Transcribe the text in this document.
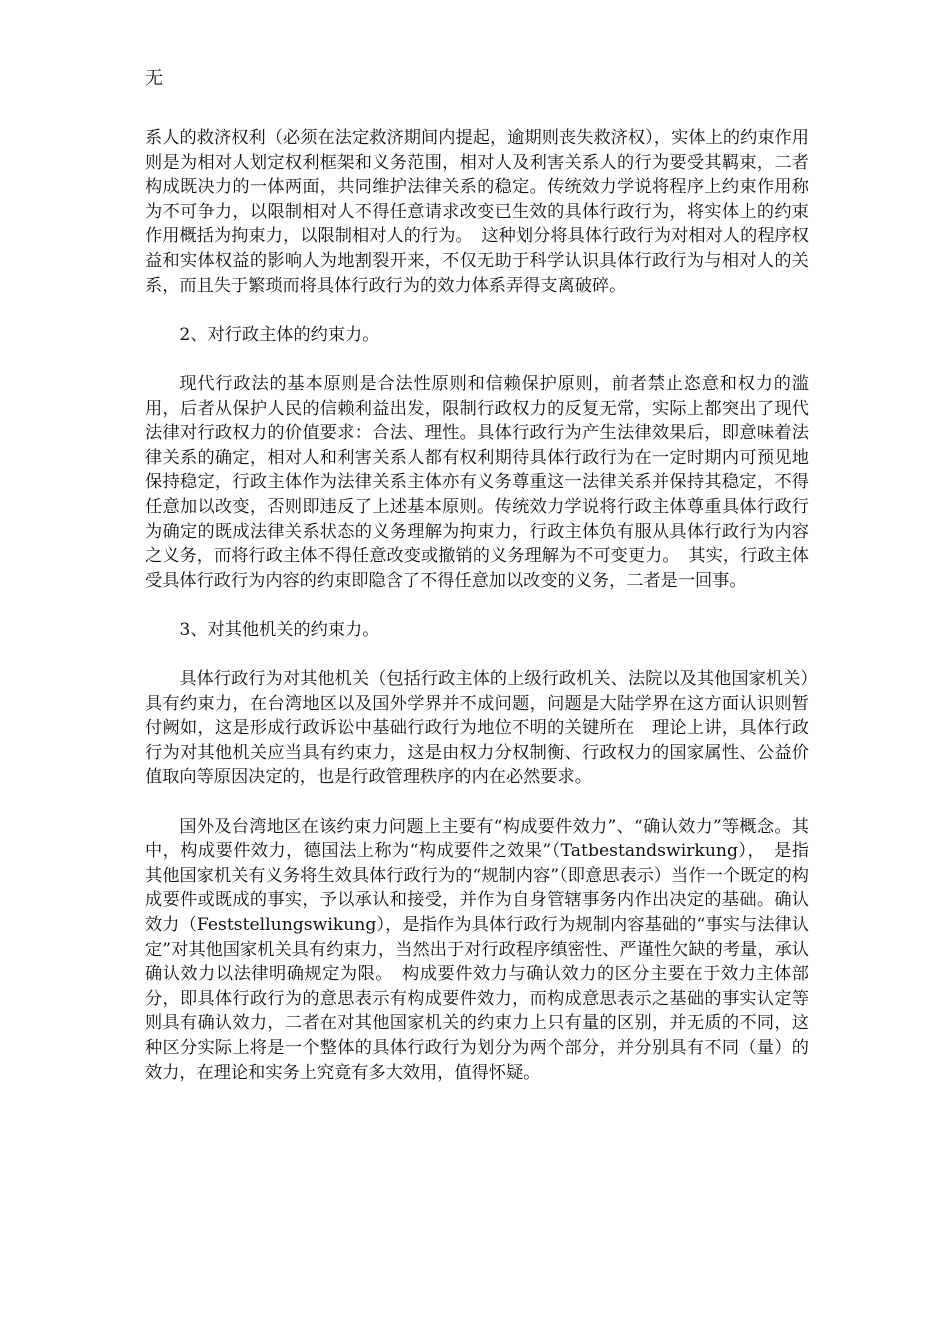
无

系人的救济权利（必须在法定救济期间内提起，逾期则丧失救济权），实体上的约束作用则是为相对人划定权利框架和义务范围，相对人及利害关系人的行为要受其羁束，二者构成既决力的一体两面，共同维护法律关系的稳定。传统效力学说将程序上约束作用称为不可争力，以限制相对人不得任意请求改变已生效的具体行政行为，将实体上的约束作用概括为拘束力，以限制相对人的行为。　这种划分将具体行政行为对相对人的程序权益和实体权益的影响人为地割裂开来，不仅无助于科学认识具体行政行为与相对人的关系，而且失于繁琐而将具体行政行为的效力体系弄得支离破碎。

2、对行政主体的约束力。

现代行政法的基本原则是合法性原则和信赖保护原则，前者禁止恣意和权力的滥用，后者从保护人民的信赖利益出发，限制行政权力的反复无常，实际上都突出了现代法律对行政权力的价值要求：合法、理性。具体行政行为产生法律效果后，即意味着法律关系的确定，相对人和利害关系人都有权利期待具体行政行为在一定时期内可预见地保持稳定，行政主体作为法律关系主体亦有义务尊重这一法律关系并保持其稳定，不得任意加以改变，否则即违反了上述基本原则。传统效力学说将行政主体尊重具体行政行为确定的既成法律关系状态的义务理解为拘束力，行政主体负有服从具体行政行为内容之义务，而将行政主体不得任意改变或撤销的义务理解为不可变更力。　其实，行政主体受具体行政行为内容的约束即隐含了不得任意加以改变的义务，二者是一回事。

3、对其他机关的约束力。

具体行政行为对其他机关（包括行政主体的上级行政机关、法院以及其他国家机关）具有约束力，在台湾地区以及国外学界并不成问题，问题是大陆学界在这方面认识则暂付阙如，这是形成行政诉讼中基础行政行为地位不明的关键所在　理论上讲，具体行政行为对其他机关应当具有约束力，这是由权力分权制衡、行政权力的国家属性、公益价值取向等原因决定的，也是行政管理秩序的内在必然要求。

国外及台湾地区在该约束力问题上主要有“构成要件效力”、“确认效力”等概念。其中，构成要件效力，德国法上称为“构成要件之效果”（Tatbestandswirkung），　是指其他国家机关有义务将生效具体行政行为的“规制内容”（即意思表示）当作一个既定的构成要件或既成的事实，予以承认和接受，并作为自身管辖事务内作出决定的基础。确认效力（Feststellungswikung），是指作为具体行政行为规制内容基础的“事实与法律认定”对其他国家机关具有约束力，当然出于对行政程序缜密性、严谨性欠缺的考量，承认确认效力以法律明确规定为限。　构成要件效力与确认效力的区分主要在于效力主体部分，即具体行政行为的意思表示有构成要件效力，而构成意思表示之基础的事实认定等则具有确认效力，二者在对其他国家机关的约束力上只有量的区别，并无质的不同，这种区分实际上将是一个整体的具体行政行为划分为两个部分，并分别具有不同（量）的效力，在理论和实务上究竟有多大效用，值得怀疑。
